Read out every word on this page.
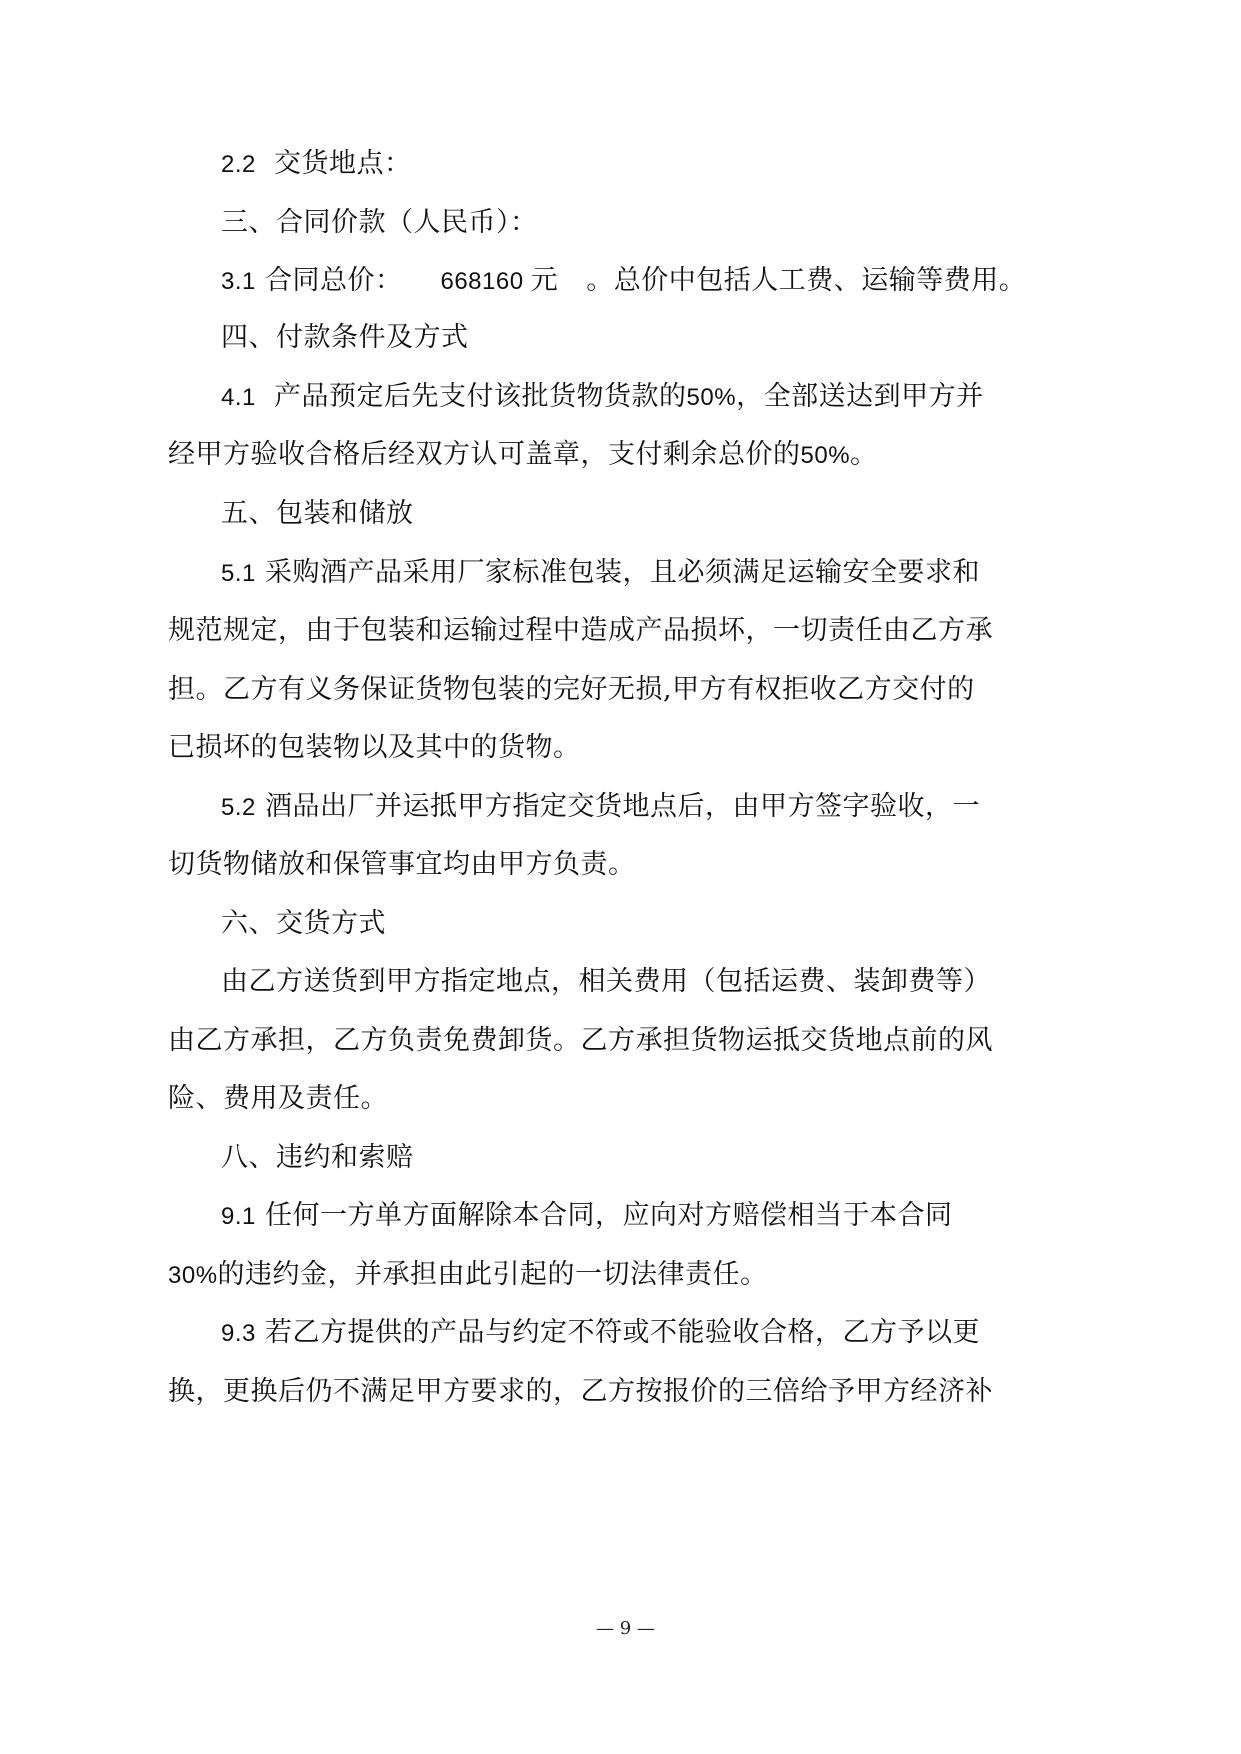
2.2 交货地点：
三、合同价款（人民币）：
3.1 合同总价： 668160 元 。总价中包括人工费、运输等费用。
四、付款条件及方式
4.1 产品预定后先支付该批货物货款的50%，全部送达到甲方并
经甲方验收合格后经双方认可盖章，支付剩余总价的50%。
五、包装和储放
5.1 采购酒产品采用厂家标准包装，且必须满足运输安全要求和
规范规定，由于包装和运输过程中造成产品损坏，一切责任由乙方承
担。乙方有义务保证货物包装的完好无损,甲方有权拒收乙方交付的
已损坏的包装物以及其中的货物。
5.2 酒品出厂并运抵甲方指定交货地点后，由甲方签字验收，一
切货物储放和保管事宜均由甲方负责。
六、交货方式
由乙方送货到甲方指定地点，相关费用（包括运费、装卸费等）
由乙方承担，乙方负责免费卸货。乙方承担货物运抵交货地点前的风
险、费用及责任。
八、违约和索赔
9.1 任何一方单方面解除本合同，应向对方赔偿相当于本合同
30%的违约金，并承担由此引起的一切法律责任。
9.3 若乙方提供的产品与约定不符或不能验收合格，乙方予以更
换，更换后仍不满足甲方要求的，乙方按报价的三倍给予甲方经济补
— 9 —
